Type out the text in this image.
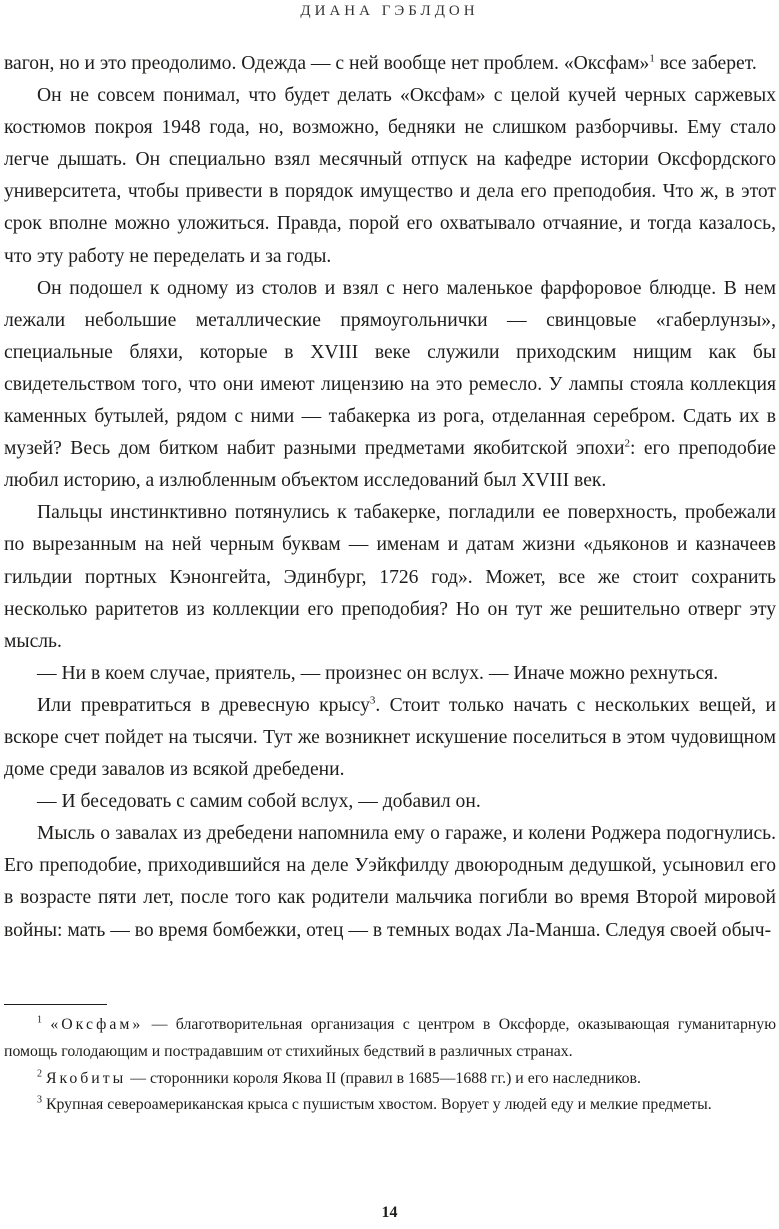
ДИАНА ГЭБЛДОН

вагон, но и это преодолимо. Одежда — с ней вообще нет проблем. «Оксфам»$^1$ все заберет.

Он не совсем понимал, что будет делать «Оксфам» с целой кучей черных саржевых костюмов покроя 1948 года, но, возможно, бедняки не слишком разборчивы. Ему стало легче дышать. Он специально взял месячный отпуск на кафедре истории Оксфордского университета, чтобы привести в порядок имущество и дела его преподобия. Что ж, в этот срок вполне можно уложиться. Правда, порой его охватывало отчаяние, и тогда казалось, что эту работу не переделать и за годы.

Он подошел к одному из столов и взял с него маленькое фарфоровое блюдце. В нем лежали небольшие металлические прямоугольнички — свинцовые «габерлунзы», специальные бляхи, которые в XVIII веке служили приходским нищим как бы свидетельством того, что они имеют лицензию на это ремесло. У лампы стояла коллекция каменных бутылей, рядом с ними — табакерка из рога, отделанная серебром. Сдать их в музей? Весь дом битком набит разными предметами якобитской эпохи$^2$: его преподобие любил историю, а излюбленным объектом исследований был XVIII век.

Пальцы инстинктивно потянулись к табакерке, погладили ее поверхность, пробежали по вырезанным на ней черным буквам — именам и датам жизни «дьяконов и казначеев гильдии портных Кэнонгейта, Эдинбург, 1726 год». Может, все же стоит сохранить несколько раритетов из коллекции его преподобия? Но он тут же решительно отверг эту мысль.

— Ни в коем случае, приятель, — произнес он вслух. — Иначе можно рехнуться.

Или превратиться в древесную крысу$^3$. Стоит только начать с нескольких вещей, и вскоре счет пойдет на тысячи. Тут же возникнет искушение поселиться в этом чудовищном доме среди завалов из всякой дребедени.

— И беседовать с самим собой вслух, — добавил он.

Мысль о завалах из дребедени напомнила ему о гараже, и колени Роджера подогнулись. Его преподобие, приходившийся на деле Уэйкфилду двоюродным дедушкой, усыновил его в возрасте пяти лет, после того как родители мальчика погибли во время Второй мировой войны: мать — во время бомбежки, отец — в темных водах Ла-Манша. Следуя своей обыч-

$^1$ «Оксфам» — благотворительная организация с центром в Оксфорде, оказывающая гуманитарную помощь голодающим и пострадавшим от стихийных бедствий в различных странах.

$^2$ Якобиты — сторонники короля Якова II (правил в 1685—1688 гг.) и его наследников.

$^3$ Крупная североамериканская крыса с пушистым хвостом. Ворует у людей еду и мелкие предметы.

14
